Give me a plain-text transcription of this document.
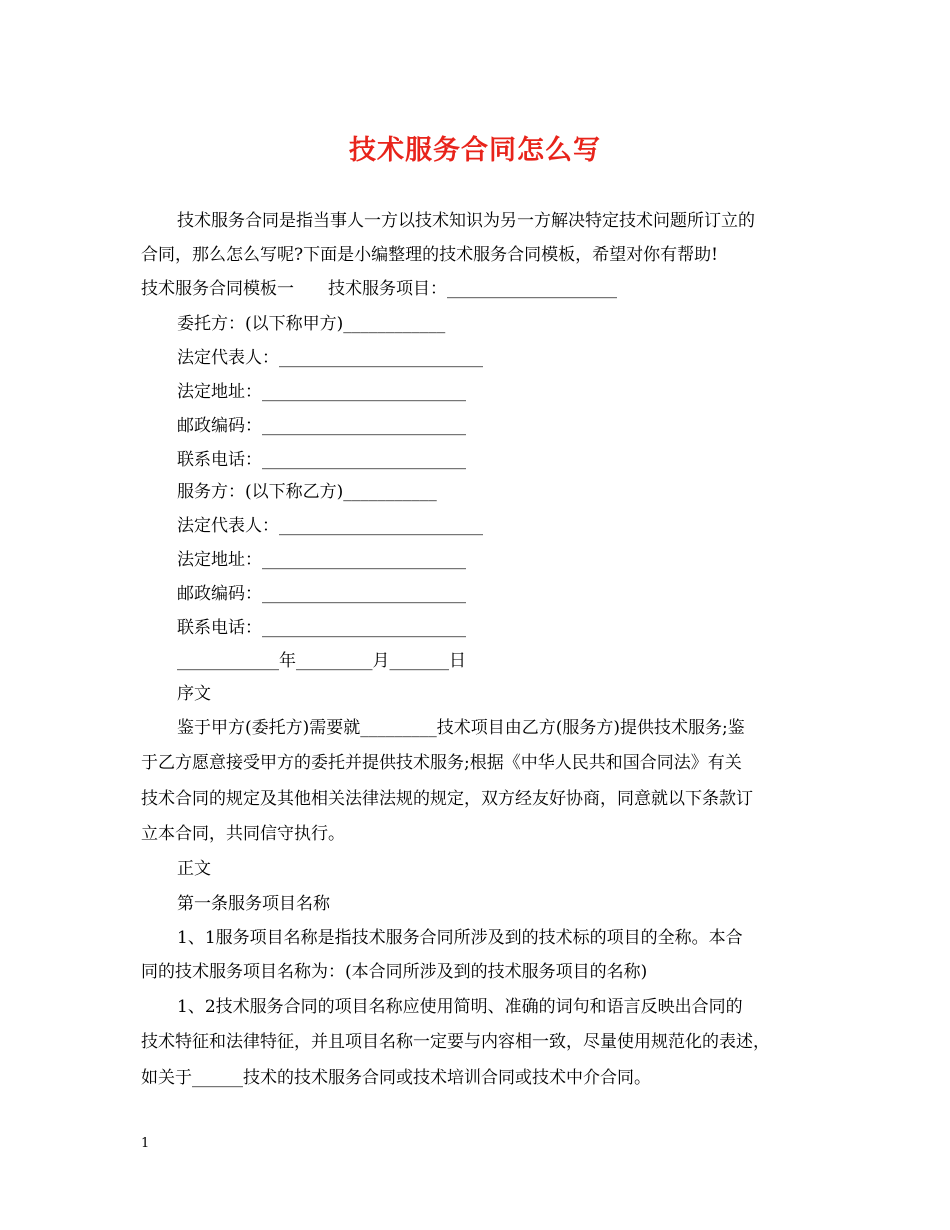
技术服务合同怎么写

技术服务合同是指当事人一方以技术知识为另一方解决特定技术问题所订立的

合同，那么怎么写呢?下面是小编整理的技术服务合同模板，希望对你有帮助!

技术服务合同模板一　　技术服务项目：____________________

委托方：(以下称甲方)____________

法定代表人：________________________

法定地址：________________________

邮政编码：________________________

联系电话：________________________

服务方：(以下称乙方)___________

法定代表人：________________________

法定地址：________________________

邮政编码：________________________

联系电话：________________________

____________年_________月_______日

序文

鉴于甲方(委托方)需要就_________技术项目由乙方(服务方)提供技术服务;鉴

于乙方愿意接受甲方的委托并提供技术服务;根据《中华人民共和国合同法》有关

技术合同的规定及其他相关法律法规的规定，双方经友好协商，同意就以下条款订

立本合同，共同信守执行。

正文

第一条服务项目名称

1、1服务项目名称是指技术服务合同所涉及到的技术标的项目的全称。本合

同的技术服务项目名称为：(本合同所涉及到的技术服务项目的名称)

1、2技术服务合同的项目名称应使用简明、准确的词句和语言反映出合同的

技术特征和法律特征，并且项目名称一定要与内容相一致，尽量使用规范化的表述，

如关于______技术的技术服务合同或技术培训合同或技术中介合同。

1
